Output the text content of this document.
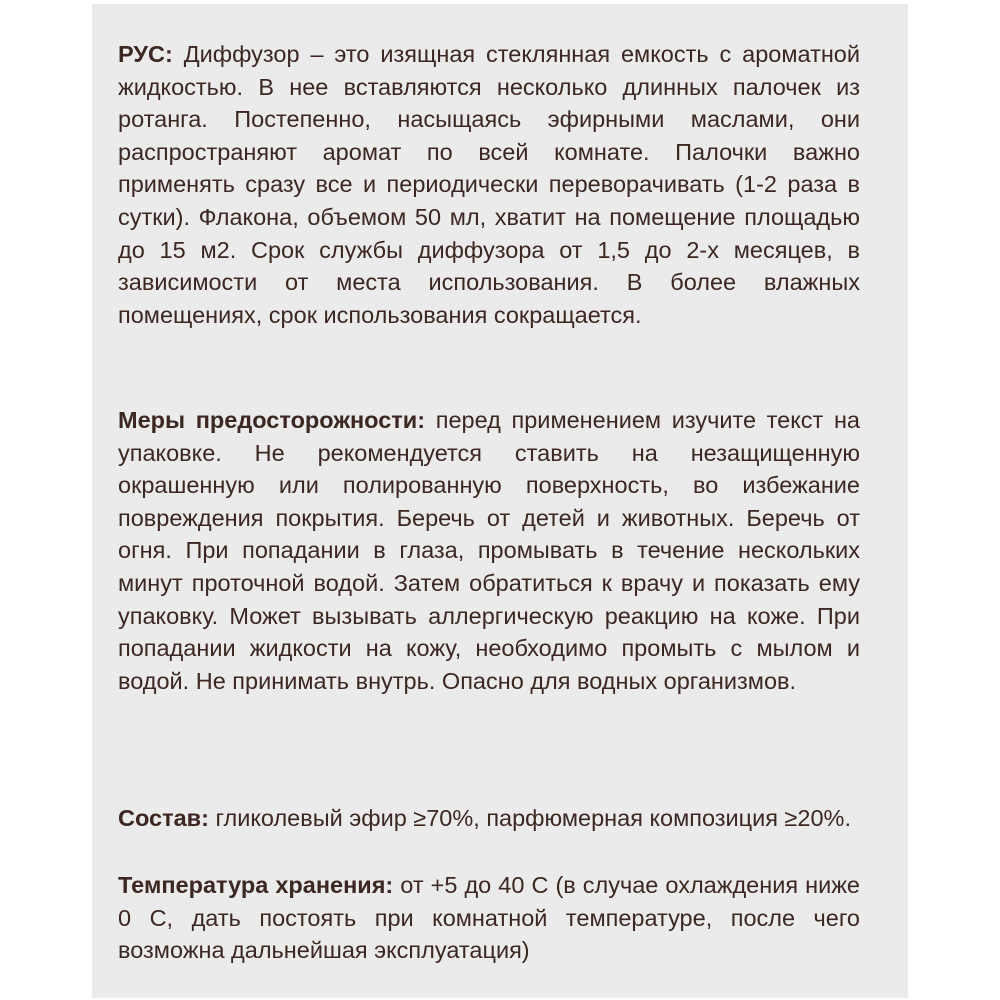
РУС: Диффузор – это изящная стеклянная емкость с ароматной жидкостью. В нее вставляются несколько длинных палочек из ротанга. Постепенно, насыщаясь эфирными маслами, они распространяют аромат по всей комнате. Палочки важно применять сразу все и периодически переворачивать (1-2 раза в сутки). Флакона, объемом 50 мл, хватит на помещение площадью до 15 м2. Срок службы диффузора от 1,5 до 2-х месяцев, в зависимости от места использования. В более влажных помещениях, срок использования сокращается.

Меры предосторожности: перед применением изучите текст на упаковке. Не рекомендуется ставить на незащищенную окрашенную или полированную поверхность, во избежание повреждения покрытия. Беречь от детей и животных. Беречь от огня. При попадании в глаза, промывать в течение нескольких минут проточной водой. Затем обратиться к врачу и показать ему упаковку. Может вызывать аллергическую реакцию на коже. При попадании жидкости на кожу, необходимо промыть с мылом и водой. Не принимать внутрь. Опасно для водных организмов.

Состав: гликолевый эфир ≥70%, парфюмерная композиция ≥20%.

Температура хранения: от +5 до 40 С (в случае охлаждения ниже 0 С, дать постоять при комнатной температуре, после чего возможна дальнейшая эксплуатация)
